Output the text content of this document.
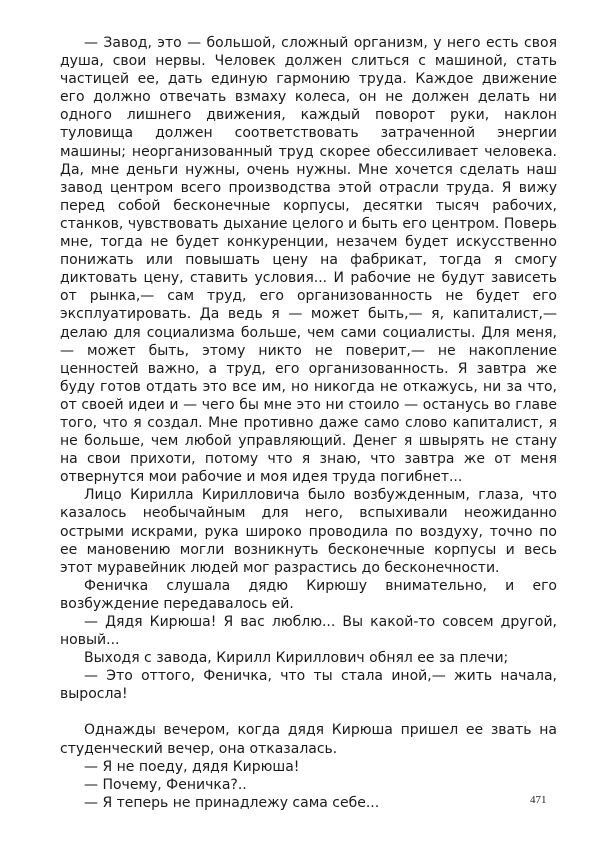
— Завод, это — большой, сложный организм, у него есть своя душа, свои нервы. Человек должен слиться с машиной, стать частицей ее, дать единую гармонию труда. Каждое движение его должно отвечать взмаху колеса, он не должен делать ни одного лишнего движения, каждый поворот руки, наклон туловища должен соответствовать затраченной энергии машины; неорганизованный труд скорее обессиливает человека. Да, мне деньги нужны, очень нужны. Мне хочется сделать наш завод центром всего производства этой отрасли труда. Я вижу перед собой бесконечные корпусы, десятки тысяч рабочих, станков, чувствовать дыхание целого и быть его центром. Поверь мне, тогда не будет конкуренции, незачем будет искусственно понижать или повышать цену на фабрикат, тогда я смогу диктовать цену, ставить условия... И рабочие не будут зависеть от рынка,— сам труд, его организованность не будет его эксплуатировать. Да ведь я — может быть,— я, капиталист,— делаю для социализма больше, чем сами социалисты. Для меня,— может быть, этому никто не поверит,— не накопление ценностей важно, а труд, его организованность. Я завтра же буду готов отдать это все им, но никогда не откажусь, ни за что, от своей идеи и — чего бы мне это ни стоило — останусь во главе того, что я создал. Мне противно даже само слово капиталист, я не больше, чем любой управляющий. Денег я швырять не стану на свои прихоти, потому что я знаю, что завтра же от меня отвернутся мои рабочие и моя идея труда погибнет...

Лицо Кирилла Кирилловича было возбужденным, глаза, что казалось необычайным для него, вспыхивали неожиданно острыми искрами, рука широко проводила по воздуху, точно по ее мановению могли возникнуть бесконечные корпусы и весь этот муравейник людей мог разрастись до бесконечности.

Феничка слушала дядю Кирюшу внимательно, и его возбуждение передавалось ей.

— Дядя Кирюша! Я вас люблю... Вы какой-то совсем другой, новый...

Выходя с завода, Кирилл Кириллович обнял ее за плечи;

— Это оттого, Феничка, что ты стала иной,— жить начала, выросла!

Однажды вечером, когда дядя Кирюша пришел ее звать на студенческий вечер, она отказалась.

— Я не поеду, дядя Кирюша!

— Почему, Феничка?..

— Я теперь не принадлежу сама себе...	471
